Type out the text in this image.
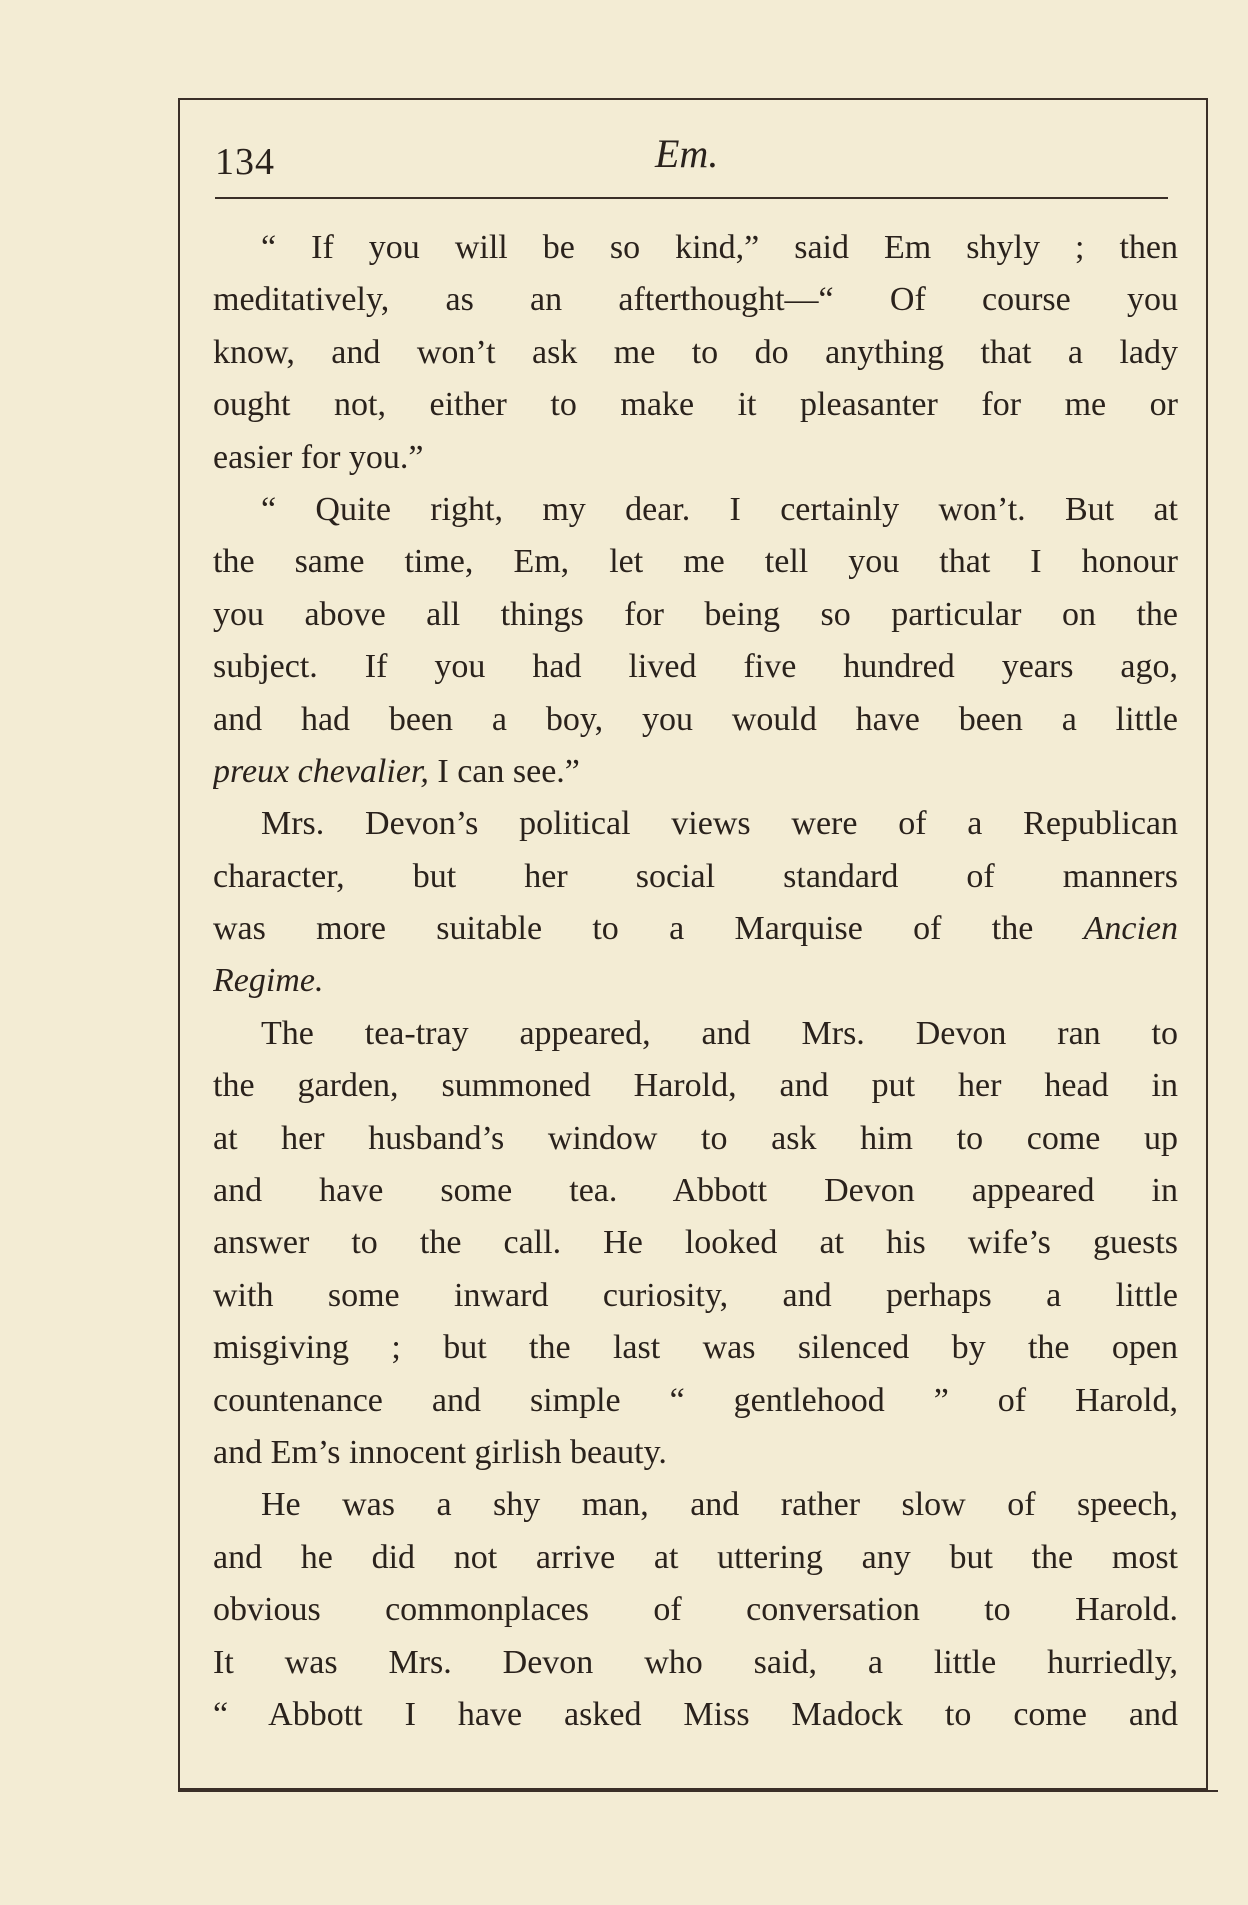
134	Em.
“ If you will be so kind,” said Em shyly ; then
meditatively, as an afterthought—“ Of course you
know, and won’t ask me to do anything that a lady
ought not, either to make it pleasanter for me or
easier for you.”
“ Quite right, my dear. I certainly won’t. But at
the same time, Em, let me tell you that I honour
you above all things for being so particular on the
subject. If you had lived five hundred years ago,
and had been a boy, you would have been a little
preux chevalier, I can see.”
Mrs. Devon’s political views were of a Republican
character, but her social standard of manners
was more suitable to a Marquise of the Ancien
Regime.
The tea-tray appeared, and Mrs. Devon ran to
the garden, summoned Harold, and put her head in
at her husband’s window to ask him to come up
and have some tea. Abbott Devon appeared in
answer to the call. He looked at his wife’s guests
with some inward curiosity, and perhaps a little
misgiving ; but the last was silenced by the open
countenance and simple “ gentlehood ” of Harold,
and Em’s innocent girlish beauty.
He was a shy man, and rather slow of speech,
and he did not arrive at uttering any but the most
obvious commonplaces of conversation to Harold.
It was Mrs. Devon who said, a little hurriedly,
“ Abbott I have asked Miss Madock to come and
